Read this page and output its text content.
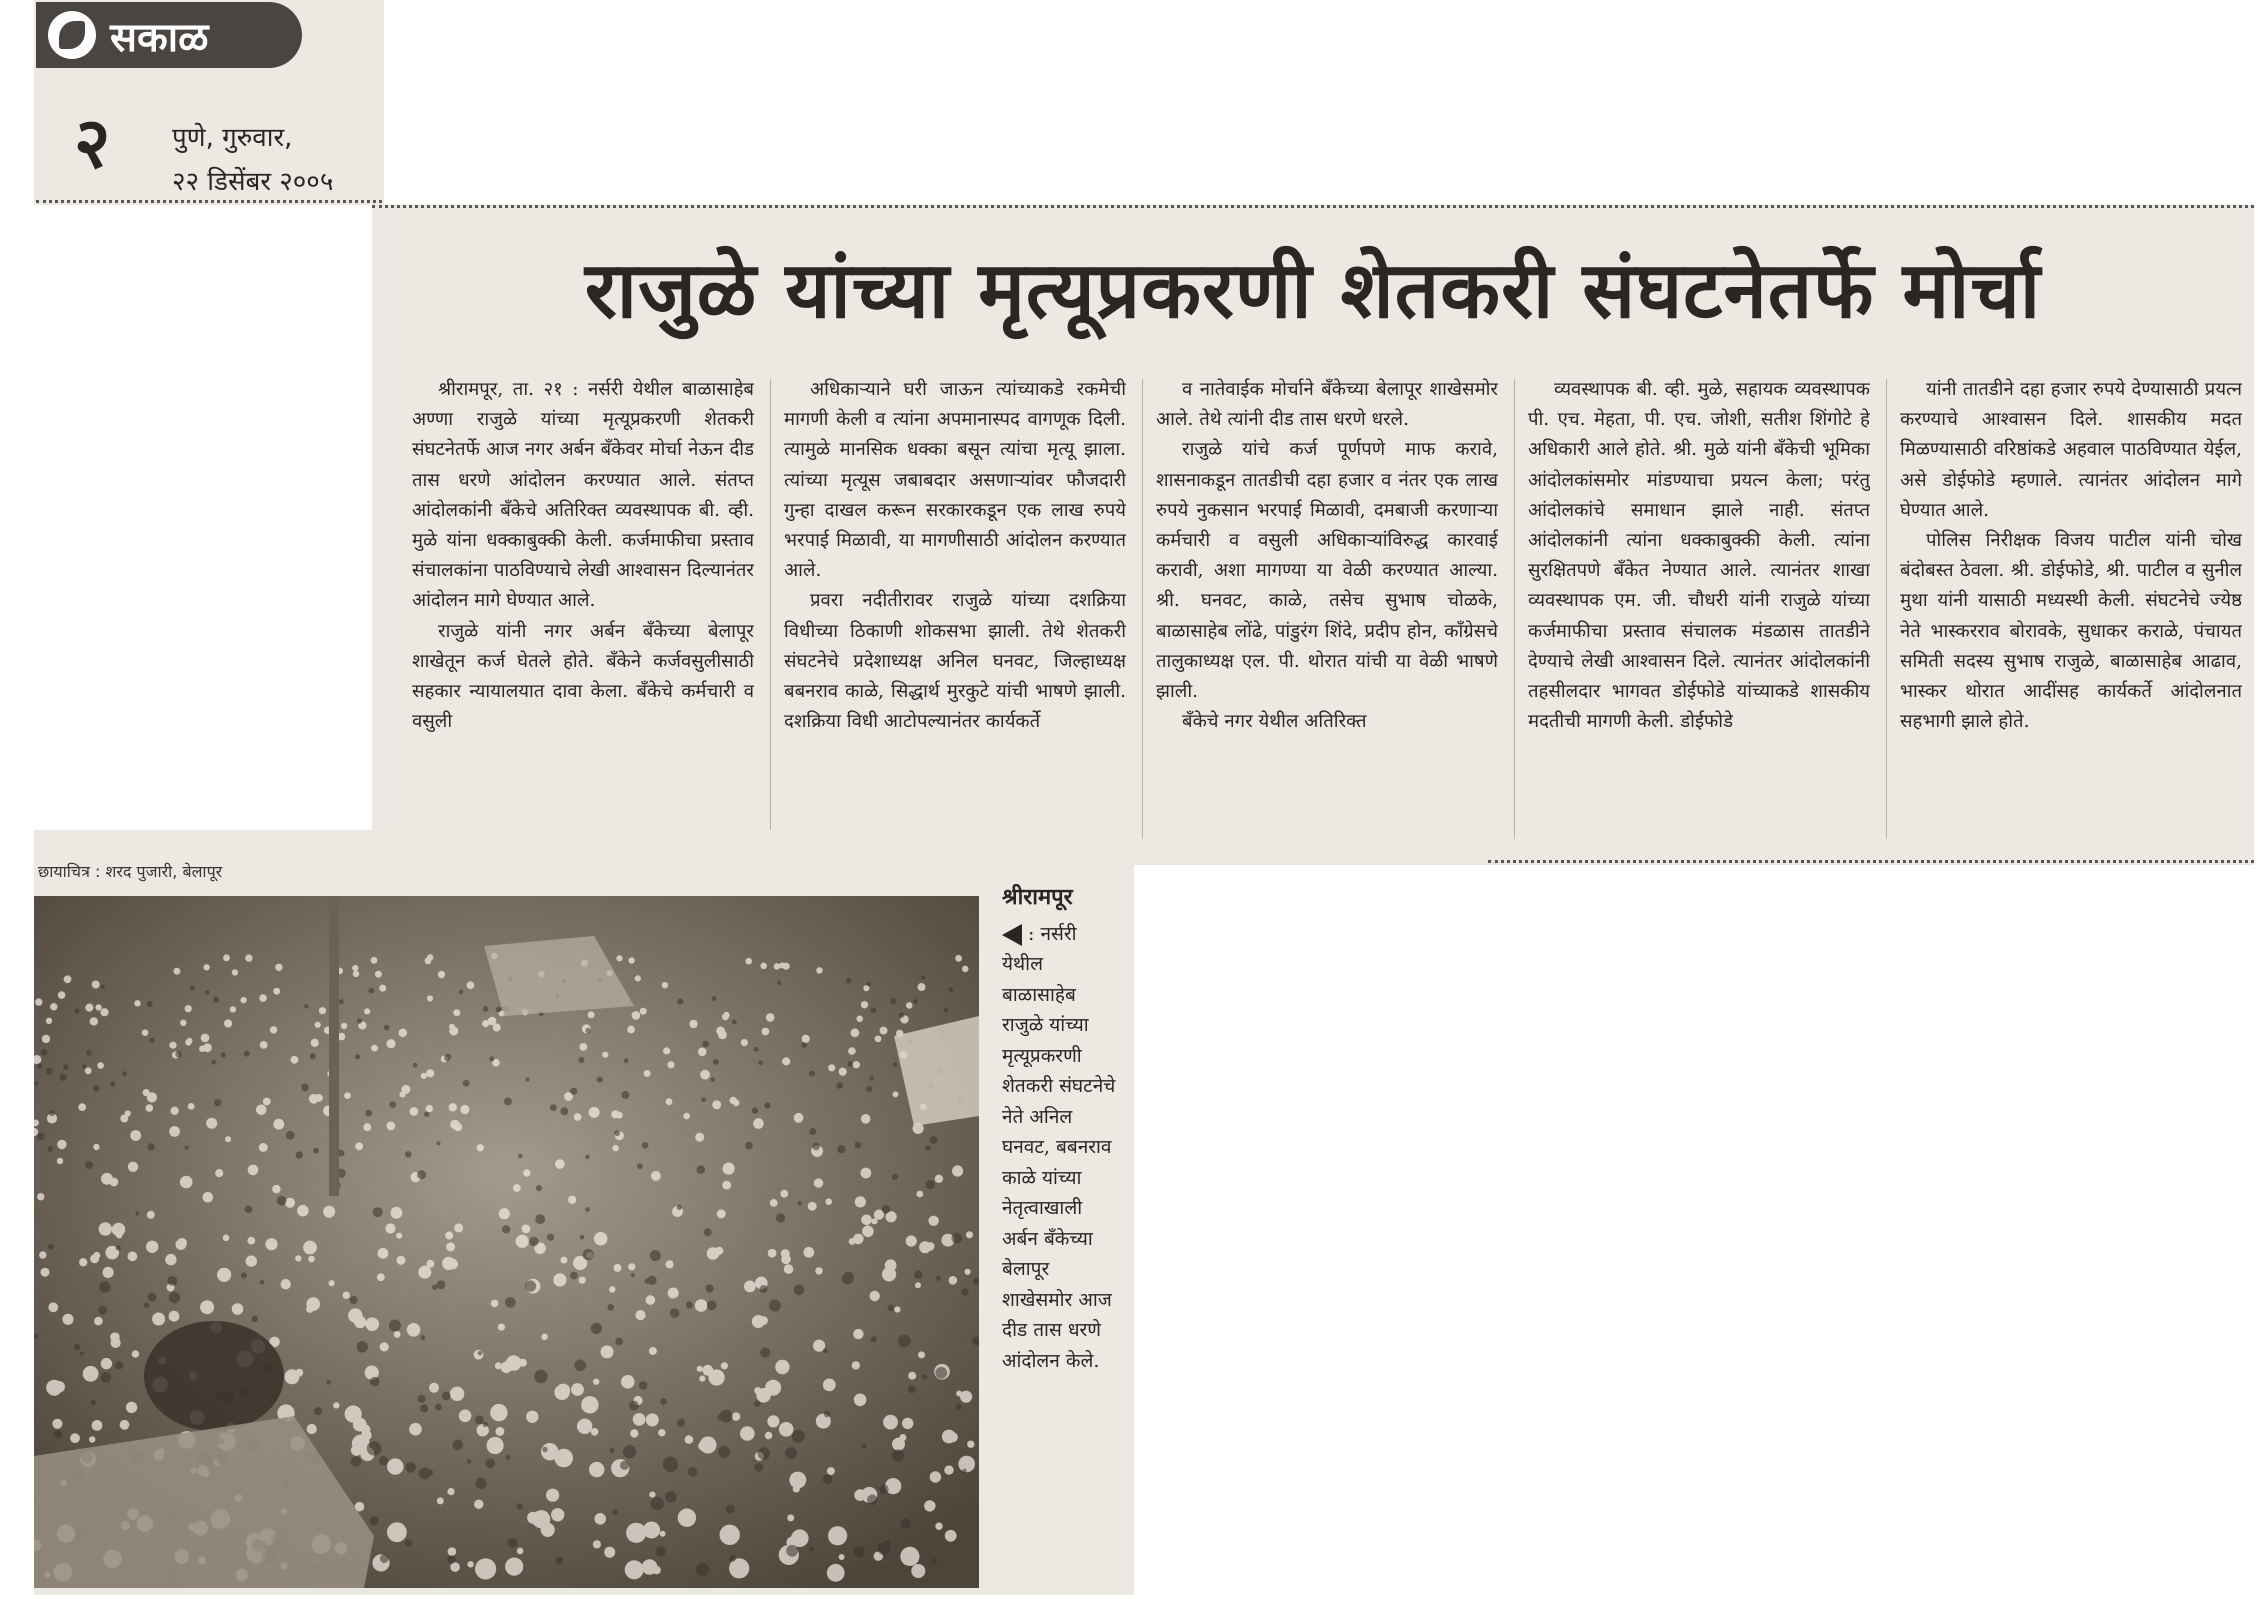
सकाळ
२ पुणे, गुरुवार,
२२ डिसेंबर २००५
राजुळे यांच्या मृत्यूप्रकरणी शेतकरी संघटनेतर्फे मोर्चा

श्रीरामपूर, ता. २१ : नर्सरी येथील बाळासाहेब अण्णा राजुळे यांच्या मृत्यूप्रकरणी शेतकरी संघटनेतर्फे आज नगर अर्बन बॅंकेवर मोर्चा नेऊन दीड तास धरणे आंदोलन करण्यात आले. संतप्त आंदोलकांनी बॅंकेचे अतिरिक्त व्यवस्थापक बी. व्ही. मुळे यांना धक्काबुक्की केली. कर्जमाफीचा प्रस्ताव संचालकांना पाठविण्याचे लेखी आश्वासन दिल्यानंतर आंदोलन मागे घेण्यात आले.

राजुळे यांनी नगर अर्बन बॅंकेच्या बेलापूर शाखेतून कर्ज घेतले होते. बॅंकेने कर्जवसुलीसाठी सहकार न्यायालयात दावा केला. बॅंकेचे कर्मचारी व वसुली

अधिकाऱ्याने घरी जाऊन त्यांच्याकडे रकमेची मागणी केली व त्यांना अपमानास्पद वागणूक दिली. त्यामुळे मानसिक धक्का बसून त्यांचा मृत्यू झाला. त्यांच्या मृत्यूस जबाबदार असणाऱ्यांवर फौजदारी गुन्हा दाखल करून सरकारकडून एक लाख रुपये भरपाई मिळावी, या मागणीसाठी आंदोलन करण्यात आले.

प्रवरा नदीतीरावर राजुळे यांच्या दशक्रिया विधीच्या ठिकाणी शोकसभा झाली. तेथे शेतकरी संघटनेचे प्रदेशाध्यक्ष अनिल घनवट, जिल्हाध्यक्ष बबनराव काळे, सिद्धार्थ मुरकुटे यांची भाषणे झाली. दशक्रिया विधी आटोपल्यानंतर कार्यकर्ते

व नातेवाईक मोर्चाने बॅंकेच्या बेलापूर शाखेसमोर आले. तेथे त्यांनी दीड तास धरणे धरले.

राजुळे यांचे कर्ज पूर्णपणे माफ करावे, शासनाकडून तातडीची दहा हजार व नंतर एक लाख रुपये नुकसान भरपाई मिळावी, दमबाजी करणाऱ्या कर्मचारी व वसुली अधिकाऱ्यांविरुद्ध कारवाई करावी, अशा मागण्या या वेळी करण्यात आल्या. श्री. घनवट, काळे, तसेच सुभाष चोळके, बाळासाहेब लोंढे, पांडुरंग शिंदे, प्रदीप होन, कॉंग्रेसचे तालुकाध्यक्ष एल. पी. थोरात यांची या वेळी भाषणे झाली.

बॅंकेचे नगर येथील अतिरिक्त

व्यवस्थापक बी. व्ही. मुळे, सहायक व्यवस्थापक पी. एच. मेहता, पी. एच. जोशी, सतीश शिंगोटे हे अधिकारी आले होते. श्री. मुळे यांनी बॅंकेची भूमिका आंदोलकांसमोर मांडण्याचा प्रयत्न केला; परंतु आंदोलकांचे समाधान झाले नाही. संतप्त आंदोलकांनी त्यांना धक्काबुक्की केली. त्यांना सुरक्षितपणे बॅंकेत नेण्यात आले. त्यानंतर शाखा व्यवस्थापक एम. जी. चौधरी यांनी राजुळे यांच्या कर्जमाफीचा प्रस्ताव संचालक मंडळास तातडीने देण्याचे लेखी आश्वासन दिले. त्यानंतर आंदोलकांनी तहसीलदार भागवत डोईफोडे यांच्याकडे शासकीय मदतीची मागणी केली. डोईफोडे

यांनी तातडीने दहा हजार रुपये देण्यासाठी प्रयत्न करण्याचे आश्वासन दिले. शासकीय मदत मिळण्यासाठी वरिष्ठांकडे अहवाल पाठविण्यात येईल, असे डोईफोडे म्हणाले. त्यानंतर आंदोलन मागे घेण्यात आले.

पोलिस निरीक्षक विजय पाटील यांनी चोख बंदोबस्त ठेवला. श्री. डोईफोडे, श्री. पाटील व सुनील मुथा यांनी यासाठी मध्यस्थी केली. संघटनेचे ज्येष्ठ नेते भास्करराव बोरावके, सुधाकर कराळे, पंचायत समिती सदस्य सुभाष राजुळे, बाळासाहेब आढाव, भास्कर थोरात आदींसह कार्यकर्ते आंदोलनात सहभागी झाले होते.

छायाचित्र : शरद पुजारी, बेलापूर
श्रीरामपूर
: नर्सरी येथील बाळासाहेब राजुळे यांच्या मृत्यूप्रकरणी शेतकरी संघटनेचे नेते अनिल घनवट, बबनराव काळे यांच्या नेतृत्वाखाली अर्बन बॅंकेच्या बेलापूर शाखेसमोर आज दीड तास धरणे आंदोलन केले.
